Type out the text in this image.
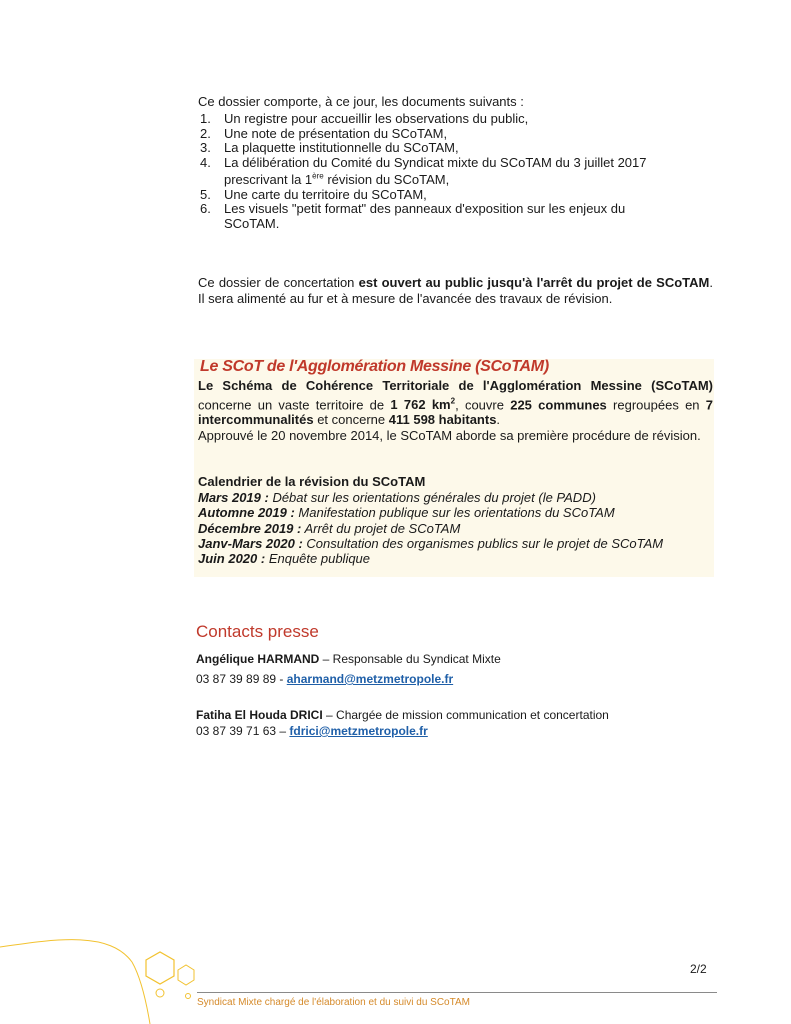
Ce dossier comporte, à ce jour, les documents suivants :

1. Un registre pour accueillir les observations du public,
2. Une note de présentation du SCoTAM,
3. La plaquette institutionnelle du SCoTAM,
4. La délibération du Comité du Syndicat mixte du SCoTAM du 3 juillet 2017
prescrivant la 1ère révision du SCoTAM,
5. Une carte du territoire du SCoTAM,
6. Les visuels "petit format" des panneaux d'exposition sur les enjeux du
SCoTAM.

Ce dossier de concertation est ouvert au public jusqu'à l'arrêt du projet de SCoTAM. Il sera alimenté au fur et à mesure de l'avancée des travaux de révision.

Le SCoT de l'Agglomération Messine (SCoTAM)

Le Schéma de Cohérence Territoriale de l'Agglomération Messine (SCoTAM) concerne un vaste territoire de 1 762 $km^2$, couvre 225 communes regroupées en 7 intercommunalités et concerne 411 598 habitants.
Approuvé le 20 novembre 2014, le SCoTAM aborde sa première procédure de révision.

Calendrier de la révision du SCoTAM
Mars 2019 : Débat sur les orientations générales du projet (le PADD)
Automne 2019 : Manifestation publique sur les orientations du SCoTAM
Décembre 2019 : Arrêt du projet de SCoTAM
Janv-Mars 2020 : Consultation des organismes publics sur le projet de SCoTAM
Juin 2020 : Enquête publique
Contacts presse
Angélique HARMAND – Responsable du Syndicat Mixte
03 87 39 89 89 - aharmand@metzmetropole.fr
Fatiha El Houda DRICI – Chargée de mission communication et concertation
03 87 39 71 63 – fdrici@metzmetropole.fr
2/2
Syndicat Mixte chargé de l'élaboration et du suivi du SCoTAM
